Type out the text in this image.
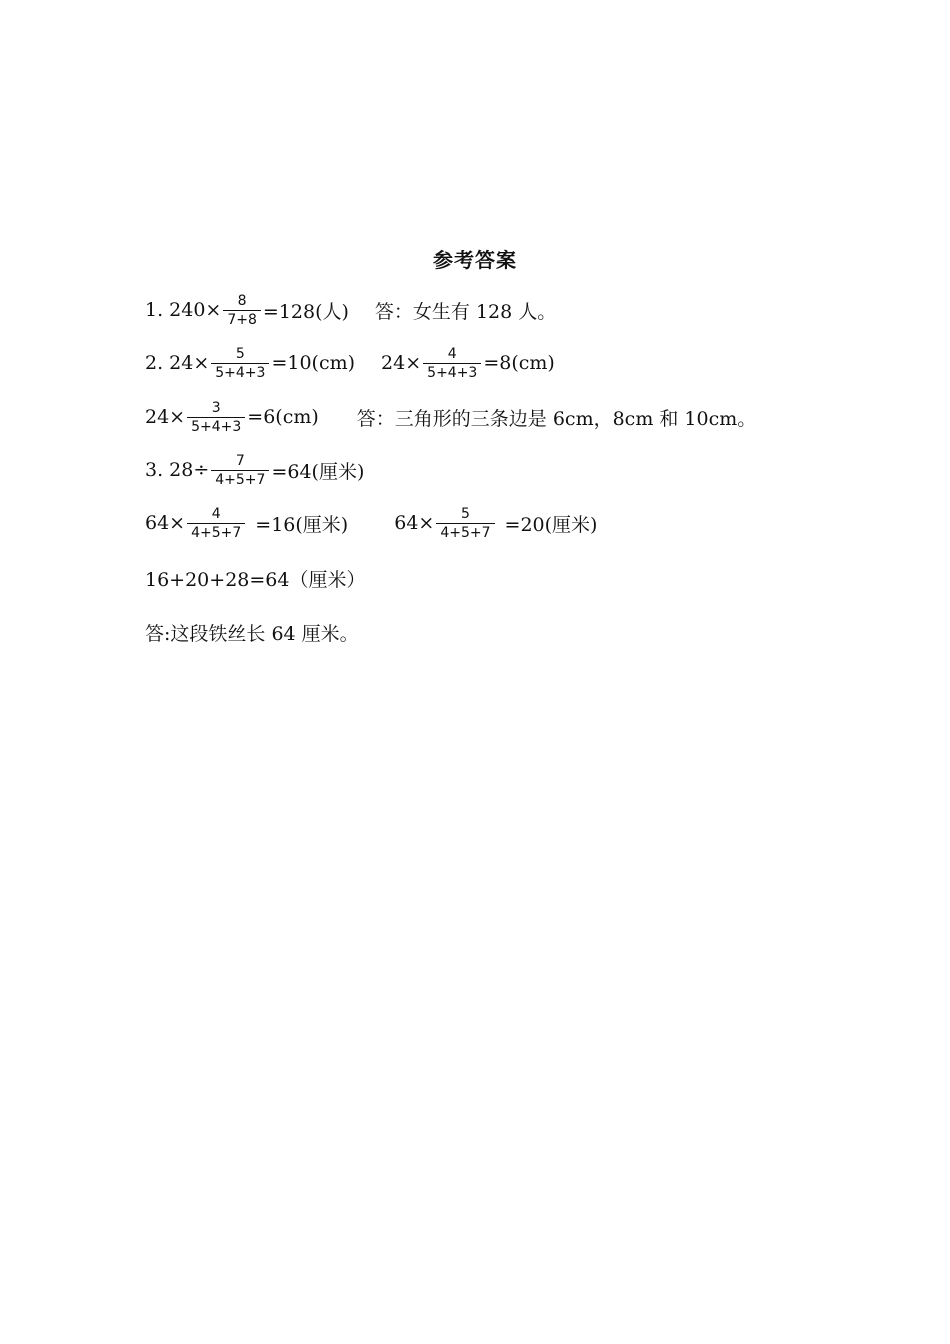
参考答案
1. $240\times \frac{8}{7+8} =128$(人) 答：女生有 128 人。
2. $24\times \frac{5}{5+4+3} =10(cm)$ $24\times \frac{4}{5+4+3} =8(cm)$
$24\times \frac{3}{5+4+3} =6(cm)$ 答：三角形的三条边是 6cm，8cm 和 10cm。
3. $28\div \frac{7}{4+5+7} =64$(厘米)
$64\times \frac{4}{4+5+7} =16$(厘米) $64\times \frac{5}{4+5+7} =20$(厘米)
16+20+28=64（厘米）
答:这段铁丝长 64 厘米。
